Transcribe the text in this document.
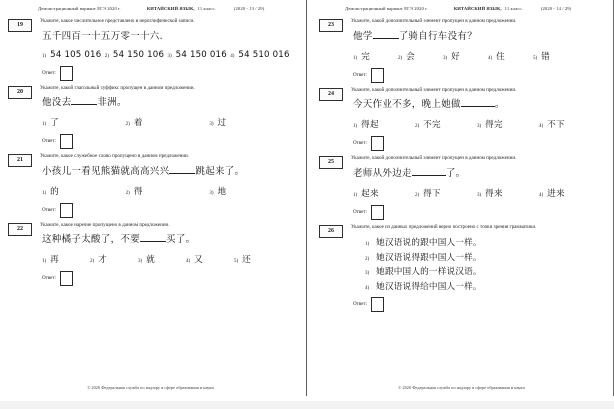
Демонстрационный вариант ЕГЭ 2020 г.	КИТАЙСКИЙ ЯЗЫК, 11 класс.	(2020 - 13 / 29)
19
Укажите, какое числительное представлено в иероглифической записи.
五千四百一十五万零一十六.
1) 54 105 016 2) 54 150 106 3) 54 150 016 4) 54 510 016
Ответ:
20
Укажите, какой глагольный суффикс пропущен в данном предложении.
他没去	非洲。
1) 了	2) 着	3) 过
Ответ:
21
Укажите, какое служебное слово пропущено в данном предложении.
小孩儿一看见熊猫就高高兴兴	跳起来了。
1) 的	2) 得	3) 地
Ответ:
22
Укажите, какое наречие пропущено в данном предложении.
这种橘子太酸了，不要	买了。
1) 再	2) 才	3) 就	4) 又	5) 还
Ответ:
© 2020 Федеральная служба по надзору в сфере образования и науки
Демонстрационный вариант ЕГЭ 2020 г.	КИТАЙСКИЙ ЯЗЫК, 11 класс.	(2020 - 14 / 29)
23
Укажите, какой дополнительный элемент пропущен в данном предложении.
他学	了骑自行车没有？
1) 完	2) 会	3) 好	4) 住	5) 错
Ответ:
24
Укажите, какой дополнительный элемент пропущен в данном предложении.
今天作业不多，晚上她做	。
1) 得起	2) 不完	3) 得完	4) 不下
Ответ:
25
Укажите, какой дополнительный элемент пропущен в данном предложении.
老师从外边走	了。
1) 起来	2) 得下	3) 得来	4) 进来
Ответ:
26
Укажите, какое из данных предложений верно построено с точки зрения грамматики.
1) 她汉语说的跟中国人一样。
2) 她汉语说得跟中国人一样。
3) 她跟中国人的一样说汉语。
4) 她汉语说得给中国人一样。
Ответ:
© 2020 Федеральная служба по надзору в сфере образования и науки
